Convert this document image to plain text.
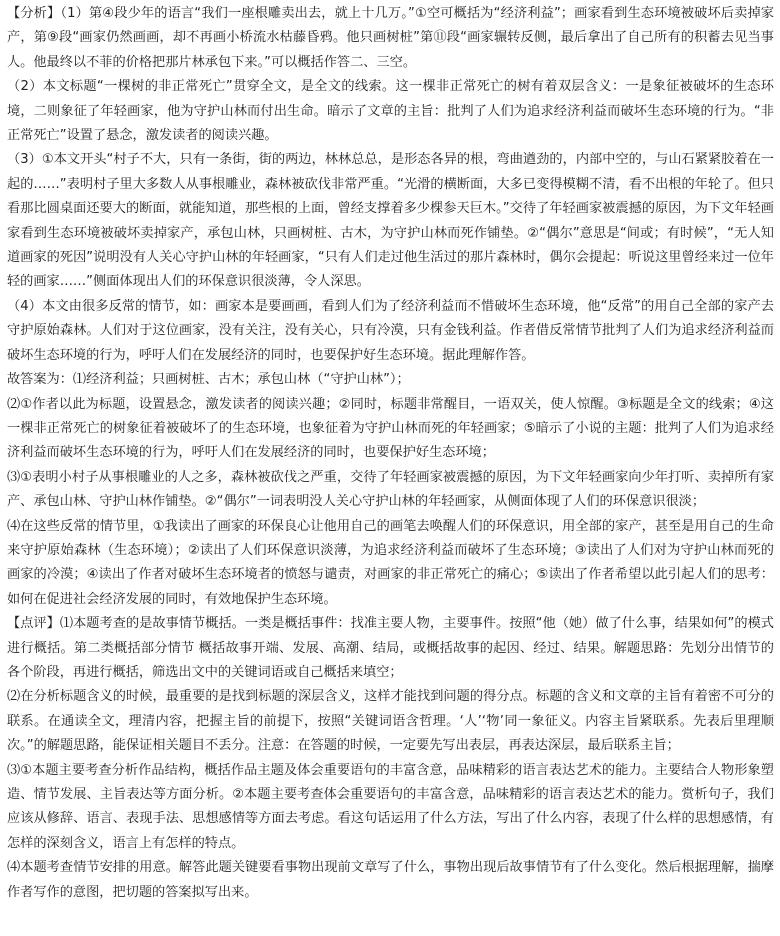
【分析】（1）第④段少年的语言“我们一座根雕卖出去，就上十几万。”①空可概括为“经济利益”；画家看到生态环境被破坏后卖掉家产，第⑨段“画家仍然画画，却不再画小桥流水枯藤昏鸦。他只画树桩”第⑪段“画家辗转反侧，最后拿出了自己所有的积蓄去见当事人。他最终以不菲的价格把那片林承包下来。”可以概括作答二、三空。

（2）本文标题“一棵树的非正常死亡”贯穿全文，是全文的线索。这一棵非正常死亡的树有着双层含义：一是象征被破坏的生态环境，二则象征了年轻画家，他为守护山林而付出生命。暗示了文章的主旨：批判了人们为追求经济利益而破坏生态环境的行为。“非正常死亡”设置了悬念，激发读者的阅读兴趣。

（3）①本文开头“村子不大，只有一条街，街的两边，林林总总，是形态各异的根，弯曲遒劲的，内部中空的，与山石紧紧胶着在一起的……”表明村子里大多数人从事根雕业，森林被砍伐非常严重。“光滑的横断面，大多已变得模糊不清，看不出根的年轮了。但只看那比圆桌面还要大的断面，就能知道，那些根的上面，曾经支撑着多少棵参天巨木。”交待了年轻画家被震撼的原因，为下文年轻画家看到生态环境被破坏卖掉家产，承包山林，只画树桩、古木，为守护山林而死作铺垫。②“偶尔”意思是“间或；有时候”，“无人知道画家的死因”说明没有人关心守护山林的年轻画家，“只有人们走过他生活过的那片森林时，偶尔会提起：听说这里曾经来过一位年轻的画家……”侧面体现出人们的环保意识很淡薄，令人深思。

（4）本文由很多反常的情节，如：画家本是要画画，看到人们为了经济利益而不惜破坏生态环境，他“反常”的用自己全部的家产去守护原始森林。人们对于这位画家，没有关注，没有关心，只有冷漠，只有金钱利益。作者借反常情节批判了人们为追求经济利益而破坏生态环境的行为，呼吁人们在发展经济的同时，也要保护好生态环境。据此理解作答。

故答案为：⑴经济利益；只画树桩、古木；承包山林（“守护山林”）；

⑵①作者以此为标题，设置悬念，激发读者的阅读兴趣；②同时，标题非常醒目，一语双关，使人惊醒。③标题是全文的线索；④这一棵非正常死亡的树象征着被破坏了的生态环境，也象征着为守护山林而死的年轻画家；⑤暗示了小说的主题：批判了人们为追求经济利益而破坏生态环境的行为，呼吁人们在发展经济的同时，也要保护好生态环境；

⑶①表明小村子从事根雕业的人之多，森林被砍伐之严重，交待了年轻画家被震撼的原因，为下文年轻画家向少年打听、卖掉所有家产、承包山林、守护山林作铺垫。②“偶尔”一词表明没人关心守护山林的年轻画家，从侧面体现了人们的环保意识很淡；

⑷在这些反常的情节里，①我读出了画家的环保良心让他用自己的画笔去唤醒人们的环保意识，用全部的家产，甚至是用自己的生命来守护原始森林（生态环境）；②读出了人们环保意识淡薄，为追求经济利益而破坏了生态环境；③读出了人们对为守护山林而死的画家的冷漠；④读出了作者对破坏生态环境者的愤怒与谴责，对画家的非正常死亡的痛心；⑤读出了作者希望以此引起人们的思考：如何在促进社会经济发展的同时，有效地保护生态环境。

【点评】⑴本题考查的是故事情节概括。一类是概括事件：找准主要人物，主要事件。按照“他（她）做了什么事，结果如何”的模式进行概括。第二类概括部分情节 概括故事开端、发展、高潮、结局，或概括故事的起因、经过、结果。解题思路：先划分出情节的各个阶段，再进行概括，筛选出文中的关键词语或自己概括来填空；

⑵在分析标题含义的时候，最重要的是找到标题的深层含义，这样才能找到问题的得分点。标题的含义和文章的主旨有着密不可分的联系。在通读全文，理清内容，把握主旨的前提下，按照“关键词语含哲理。‘人’‘物’同一象征义。内容主旨紧联系。先表后里理顺次。”的解题思路，能保证相关题目不丢分。注意：在答题的时候，一定要先写出表层，再表达深层，最后联系主旨；

⑶①本题主要考查分析作品结构，概括作品主题及体会重要语句的丰富含意，品味精彩的语言表达艺术的能力。主要结合人物形象塑造、情节发展、主旨表达等方面分析。②本题主要考查体会重要语句的丰富含意，品味精彩的语言表达艺术的能力。赏析句子，我们应该从修辞、语言、表现手法、思想感情等方面去考虑。看这句话运用了什么方法，写出了什么内容，表现了什么样的思想感情，有怎样的深刻含义，语言上有怎样的特点。

⑷本题考查情节安排的用意。解答此题关键要看事物出现前文章写了什么，事物出现后故事情节有了什么变化。然后根据理解，揣摩作者写作的意图，把切题的答案拟写出来。
